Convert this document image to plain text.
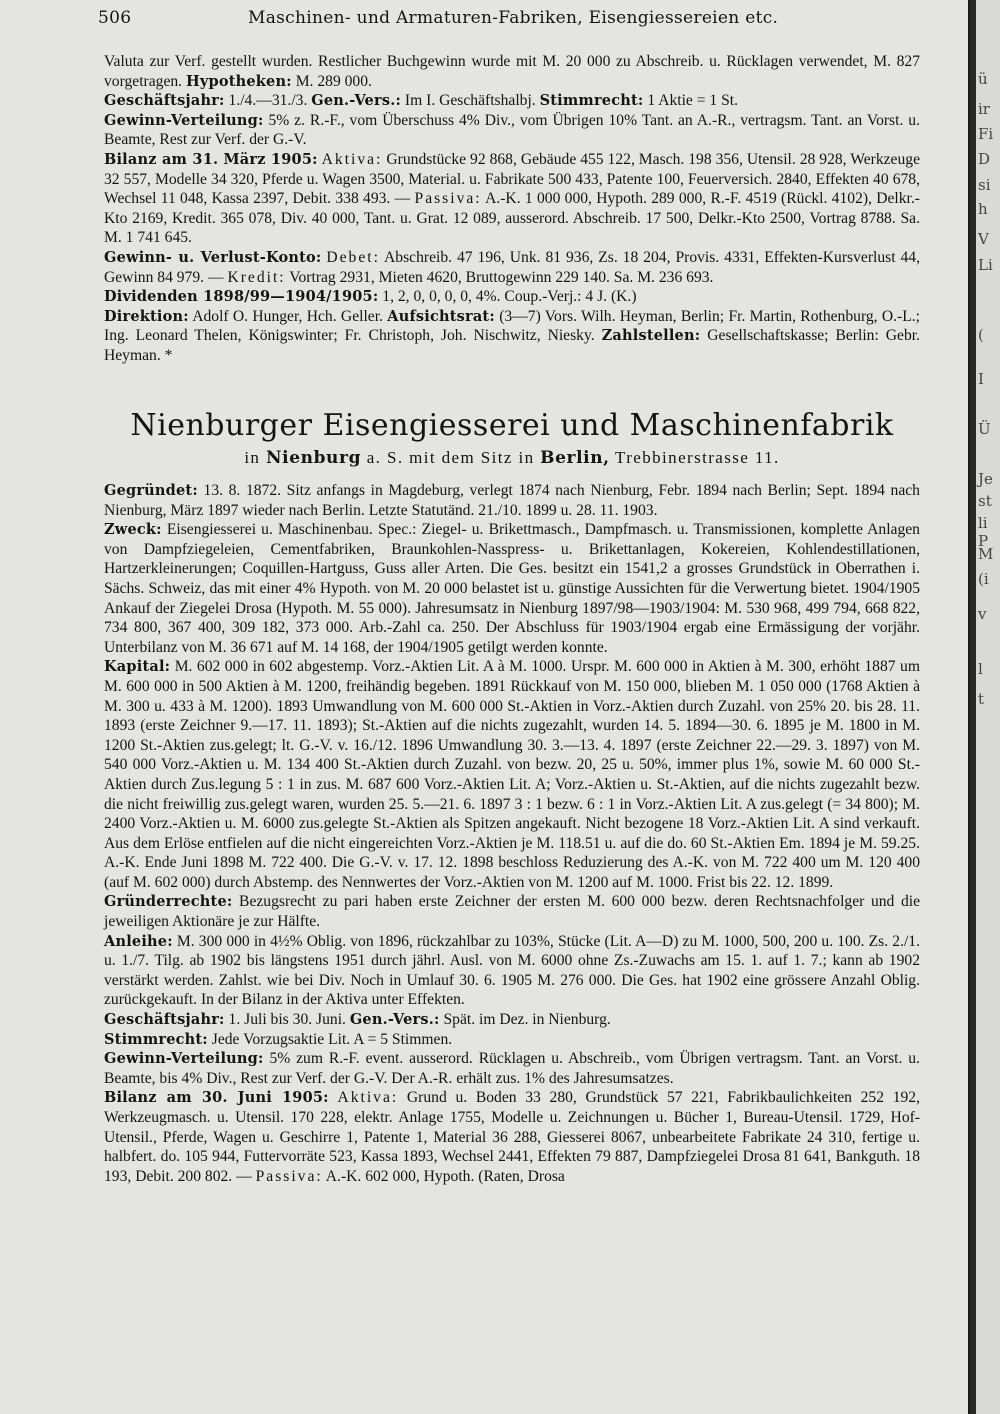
506	Maschinen- und Armaturen-Fabriken, Eisengiessereien etc.

Valuta zur Verf. gestellt wurden. Restlicher Buchgewinn wurde mit M. 20 000 zu Abschreib. u. Rücklagen verwendet, M. 827 vorgetragen. Hypotheken: M. 289 000.

Geschäftsjahr: 1./4.—31./3. Gen.-Vers.: Im I. Geschäftshalbj. Stimmrecht: 1 Aktie = 1 St.

Gewinn-Verteilung: 5% z. R.-F., vom Überschuss 4% Div., vom Übrigen 10% Tant. an A.-R., vertragsm. Tant. an Vorst. u. Beamte, Rest zur Verf. der G.-V.

Bilanz am 31. März 1905: Aktiva: Grundstücke 92 868, Gebäude 455 122, Masch. 198 356, Utensil. 28 928, Werkzeuge 32 557, Modelle 34 320, Pferde u. Wagen 3500, Material. u. Fabrikate 500 433, Patente 100, Feuerversich. 2840, Effekten 40 678, Wechsel 11 048, Kassa 2397, Debit. 338 493. — Passiva: A.-K. 1 000 000, Hypoth. 289 000, R.-F. 4519 (Rückl. 4102), Delkr.-Kto 2169, Kredit. 365 078, Div. 40 000, Tant. u. Grat. 12 089, ausserord. Abschreib. 17 500, Delkr.-Kto 2500, Vortrag 8788. Sa. M. 1 741 645.

Gewinn- u. Verlust-Konto: Debet: Abschreib. 47 196, Unk. 81 936, Zs. 18 204, Provis. 4331, Effekten-Kursverlust 44, Gewinn 84 979. — Kredit: Vortrag 2931, Mieten 4620, Bruttogewinn 229 140. Sa. M. 236 693.

Dividenden 1898/99—1904/1905: 1, 2, 0, 0, 0, 0, 4%. Coup.-Verj.: 4 J. (K.)

Direktion: Adolf O. Hunger, Hch. Geller. Aufsichtsrat: (3—7) Vors. Wilh. Heyman, Berlin; Fr. Martin, Rothenburg, O.-L.; Ing. Leonard Thelen, Königswinter; Fr. Christoph, Joh. Nischwitz, Niesky. Zahlstellen: Gesellschaftskasse; Berlin: Gebr. Heyman. *

Nienburger Eisengiesserei und Maschinenfabrik
in Nienburg a. S. mit dem Sitz in Berlin, Trebbinerstrasse 11.

Gegründet: 13. 8. 1872. Sitz anfangs in Magdeburg, verlegt 1874 nach Nienburg, Febr. 1894 nach Berlin; Sept. 1894 nach Nienburg, März 1897 wieder nach Berlin. Letzte Statutänd. 21./10. 1899 u. 28. 11. 1903.

Zweck: Eisengiesserei u. Maschinenbau. Spec.: Ziegel- u. Brikettmasch., Dampfmasch. u. Transmissionen, komplette Anlagen von Dampfziegeleien, Cementfabriken, Braunkohlen-Nasspress- u. Brikettanlagen, Kokereien, Kohlendestillationen, Hartzerkleinerungen; Coquillen-Hartguss, Guss aller Arten. Die Ges. besitzt ein 1541,2 a grosses Grundstück in Oberrathen i. Sächs. Schweiz, das mit einer 4% Hypoth. von M. 20 000 belastet ist u. günstige Aussichten für die Verwertung bietet. 1904/1905 Ankauf der Ziegelei Drosa (Hypoth. M. 55 000). Jahresumsatz in Nienburg 1897/98—1903/1904: M. 530 968, 499 794, 668 822, 734 800, 367 400, 309 182, 373 000. Arb.-Zahl ca. 250. Der Abschluss für 1903/1904 ergab eine Ermässigung der vorjähr. Unterbilanz von M. 36 671 auf M. 14 168, der 1904/1905 getilgt werden konnte.

Kapital: M. 602 000 in 602 abgestemp. Vorz.-Aktien Lit. A à M. 1000. Urspr. M. 600 000 in Aktien à M. 300, erhöht 1887 um M. 600 000 in 500 Aktien à M. 1200, freihändig begeben. 1891 Rückkauf von M. 150 000, blieben M. 1 050 000 (1768 Aktien à M. 300 u. 433 à M. 1200). 1893 Umwandlung von M. 600 000 St.-Aktien in Vorz.-Aktien durch Zuzahl. von 25% 20. bis 28. 11. 1893 (erste Zeichner 9.—17. 11. 1893); St.-Aktien auf die nichts zugezahlt, wurden 14. 5. 1894—30. 6. 1895 je M. 1800 in M. 1200 St.-Aktien zus.gelegt; lt. G.-V. v. 16./12. 1896 Umwandlung 30. 3.—13. 4. 1897 (erste Zeichner 22.—29. 3. 1897) von M. 540 000 Vorz.-Aktien u. M. 134 400 St.-Aktien durch Zuzahl. von bezw. 20, 25 u. 50%, immer plus 1%, sowie M. 60 000 St.-Aktien durch Zus.legung 5 : 1 in zus. M. 687 600 Vorz.-Aktien Lit. A; Vorz.-Aktien u. St.-Aktien, auf die nichts zugezahlt bezw. die nicht freiwillig zus.gelegt waren, wurden 25. 5.—21. 6. 1897 3 : 1 bezw. 6 : 1 in Vorz.-Aktien Lit. A zus.gelegt (= 34 800); M. 2400 Vorz.-Aktien u. M. 6000 zus.gelegte St.-Aktien als Spitzen angekauft. Nicht bezogene 18 Vorz.-Aktien Lit. A sind verkauft. Aus dem Erlöse entfielen auf die nicht eingereichten Vorz.-Aktien je M. 118.51 u. auf die do. 60 St.-Aktien Em. 1894 je M. 59.25. A.-K. Ende Juni 1898 M. 722 400. Die G.-V. v. 17. 12. 1898 beschloss Reduzierung des A.-K. von M. 722 400 um M. 120 400 (auf M. 602 000) durch Abstemp. des Nennwertes der Vorz.-Aktien von M. 1200 auf M. 1000. Frist bis 22. 12. 1899.

Gründerrechte: Bezugsrecht zu pari haben erste Zeichner der ersten M. 600 000 bezw. deren Rechtsnachfolger und die jeweiligen Aktionäre je zur Hälfte.

Anleihe: M. 300 000 in 4½% Oblig. von 1896, rückzahlbar zu 103%, Stücke (Lit. A—D) zu M. 1000, 500, 200 u. 100. Zs. 2./1. u. 1./7. Tilg. ab 1902 bis längstens 1951 durch jährl. Ausl. von M. 6000 ohne Zs.-Zuwachs am 15. 1. auf 1. 7.; kann ab 1902 verstärkt werden. Zahlst. wie bei Div. Noch in Umlauf 30. 6. 1905 M. 276 000. Die Ges. hat 1902 eine grössere Anzahl Oblig. zurückgekauft. In der Bilanz in der Aktiva unter Effekten.

Geschäftsjahr: 1. Juli bis 30. Juni. Gen.-Vers.: Spät. im Dez. in Nienburg.

Stimmrecht: Jede Vorzugsaktie Lit. A = 5 Stimmen.

Gewinn-Verteilung: 5% zum R.-F. event. ausserord. Rücklagen u. Abschreib., vom Übrigen vertragsm. Tant. an Vorst. u. Beamte, bis 4% Div., Rest zur Verf. der G.-V. Der A.-R. erhält zus. 1% des Jahresumsatzes.

Bilanz am 30. Juni 1905: Aktiva: Grund u. Boden 33 280, Grundstück 57 221, Fabrikbaulichkeiten 252 192, Werkzeugmasch. u. Utensil. 170 228, elektr. Anlage 1755, Modelle u. Zeichnungen u. Bücher 1, Bureau-Utensil. 1729, Hof-Utensil., Pferde, Wagen u. Geschirre 1, Patente 1, Material 36 288, Giesserei 8067, unbearbeitete Fabrikate 24 310, fertige u. halbfert. do. 105 944, Futtervorräte 523, Kassa 1893, Wechsel 2441, Effekten 79 887, Dampfziegelei Drosa 81 641, Bankguth. 18 193, Debit. 200 802. — Passiva: A.-K. 602 000, Hypoth. (Raten, Drosa

ü
ir
Fi
D
si
h
V
Li
(
I
Ü
Je
st
li
P
M
(i
v
l
t
